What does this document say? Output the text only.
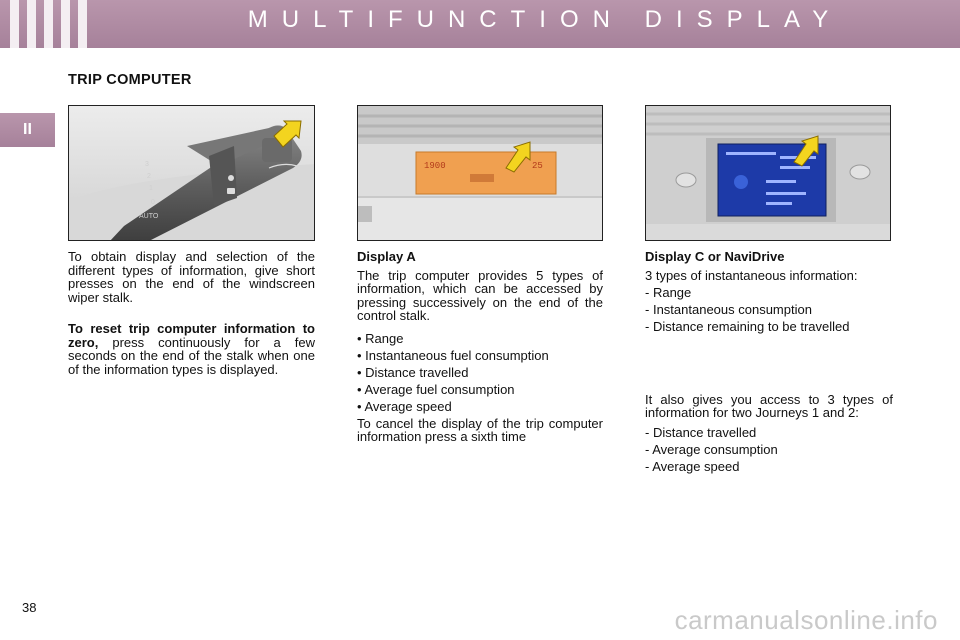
MULTIFUNCTION DISPLAY
II
TRIP COMPUTER
AUTO
0
1
2
3	1900	25

To obtain display and selection of the different types of information, give short presses on the end of the windscreen wiper stalk.

To reset trip computer information to zero, press continuously for a few seconds on the end of the stalk when one of the information types is displayed.

Display A

The trip computer provides 5 types of information, which can be accessed by pressing successively on the end of the control stalk.

• Range
• Instantaneous fuel consumption
• Distance travelled
• Average fuel consumption
• Average speed

To cancel the display of the trip computer information press a sixth time

Display C or NaviDrive

3 types of instantaneous information:

- Range
- Instantaneous consumption
- Distance remaining to be travelled

It also gives you access to 3 types of information for two Journeys 1 and 2:

- Distance travelled
- Average consumption
- Average speed
38	carmanualsonline.info
